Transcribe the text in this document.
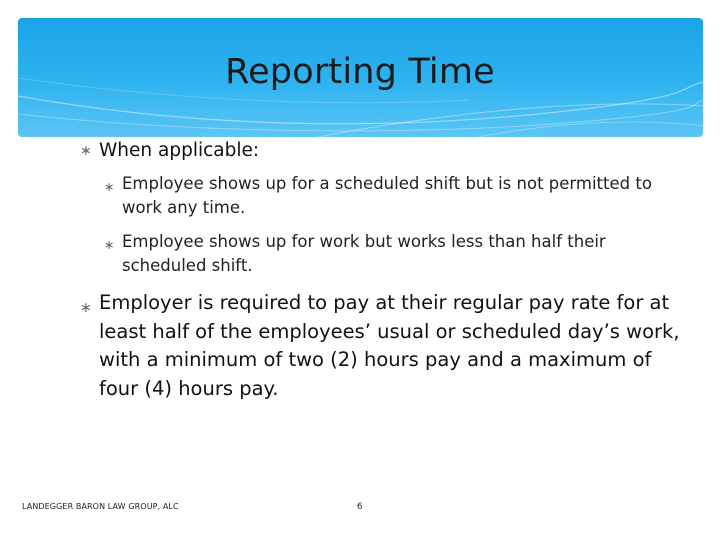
Reporting Time
∗ When applicable:
∗ Employee shows up for a scheduled shift but is not permitted to work any time.
∗ Employee shows up for work but works less than half their scheduled shift.
∗ Employer is required to pay at their regular pay rate for at least half of the employees’ usual or scheduled day’s work, with a minimum of two (2) hours pay and a maximum of four (4) hours pay.
LANDEGGER BARON LAW GROUP, ALC	6
